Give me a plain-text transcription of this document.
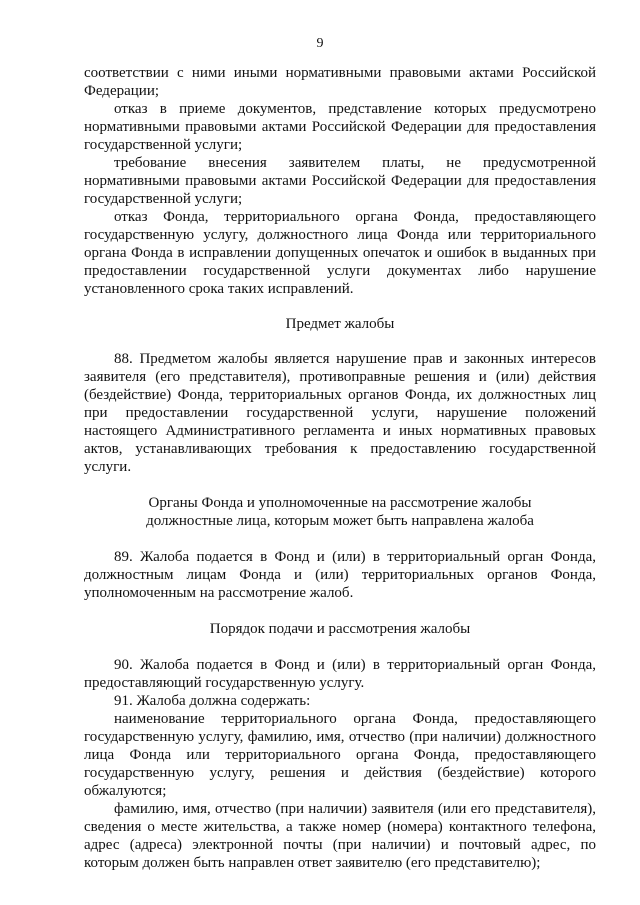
9

соответствии с ними иными нормативными правовыми актами Российской Федерации;

отказ в приеме документов, представление которых предусмотрено нормативными правовыми актами Российской Федерации для предоставления государственной услуги;

требование внесения заявителем платы, не предусмотренной нормативными правовыми актами Российской Федерации для предоставления государственной услуги;

отказ Фонда, территориального органа Фонда, предоставляющего государственную услугу, должностного лица Фонда или территориального органа Фонда в исправлении допущенных опечаток и ошибок в выданных при предоставлении государственной услуги документах либо нарушение установленного срока таких исправлений.

Предмет жалобы

88. Предметом жалобы является нарушение прав и законных интересов заявителя (его представителя), противоправные решения и (или) действия (бездействие) Фонда, территориальных органов Фонда, их должностных лиц при предоставлении государственной услуги, нарушение положений настоящего Административного регламента и иных нормативных правовых актов, устанавливающих требования к предоставлению государственной услуги.

Органы Фонда и уполномоченные на рассмотрение жалобы
должностные лица, которым может быть направлена жалоба

89. Жалоба подается в Фонд и (или) в территориальный орган Фонда, должностным лицам Фонда и (или) территориальных органов Фонда, уполномоченным на рассмотрение жалоб.

Порядок подачи и рассмотрения жалобы

90. Жалоба подается в Фонд и (или) в территориальный орган Фонда, предоставляющий государственную услугу.

91. Жалоба должна содержать:

наименование территориального органа Фонда, предоставляющего государственную услугу, фамилию, имя, отчество (при наличии) должностного лица Фонда или территориального органа Фонда, предоставляющего государственную услугу, решения и действия (бездействие) которого обжалуются;

фамилию, имя, отчество (при наличии) заявителя (или его представителя), сведения о месте жительства, а также номер (номера) контактного телефона, адрес (адреса) электронной почты (при наличии) и почтовый адрес, по которым должен быть направлен ответ заявителю (его представителю);
